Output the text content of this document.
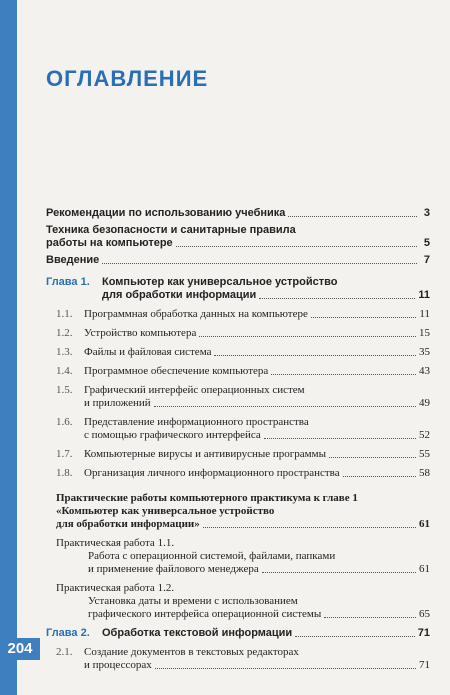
204
ОГЛАВЛЕНИЕ
Рекомендации по использованию учебника	3
Техника безопасности и санитарные правила
работы на компьютере	5
Введение	7
Глава 1.	Компьютер как универсальное устройство
для обработки информации	11
1.1.	Программная обработка данных на компьютере	11
1.2.	Устройство компьютера	15
1.3.	Файлы и файловая система	35
1.4.	Программное обеспечение компьютера	43
1.5.	Графический интерфейс операционных систем
и приложений	49
1.6.	Представление информационного пространства
с помощью графического интерфейса	52
1.7.	Компьютерные вирусы и антивирусные программы	55
1.8.	Организация личного информационного пространства	58
Практические работы компьютерного практикума к главе 1
«Компьютер как универсальное устройство
для обработки информации»	61
Практическая работа 1.1.
Работа с операционной системой, файлами, папками
и применение файлового менеджера	61
Практическая работа 1.2.
Установка даты и времени с использованием
графического интерфейса операционной системы	65
Глава 2.	Обработка текстовой информации	71
2.1.	Создание документов в текстовых редакторах
и процессорах	71
